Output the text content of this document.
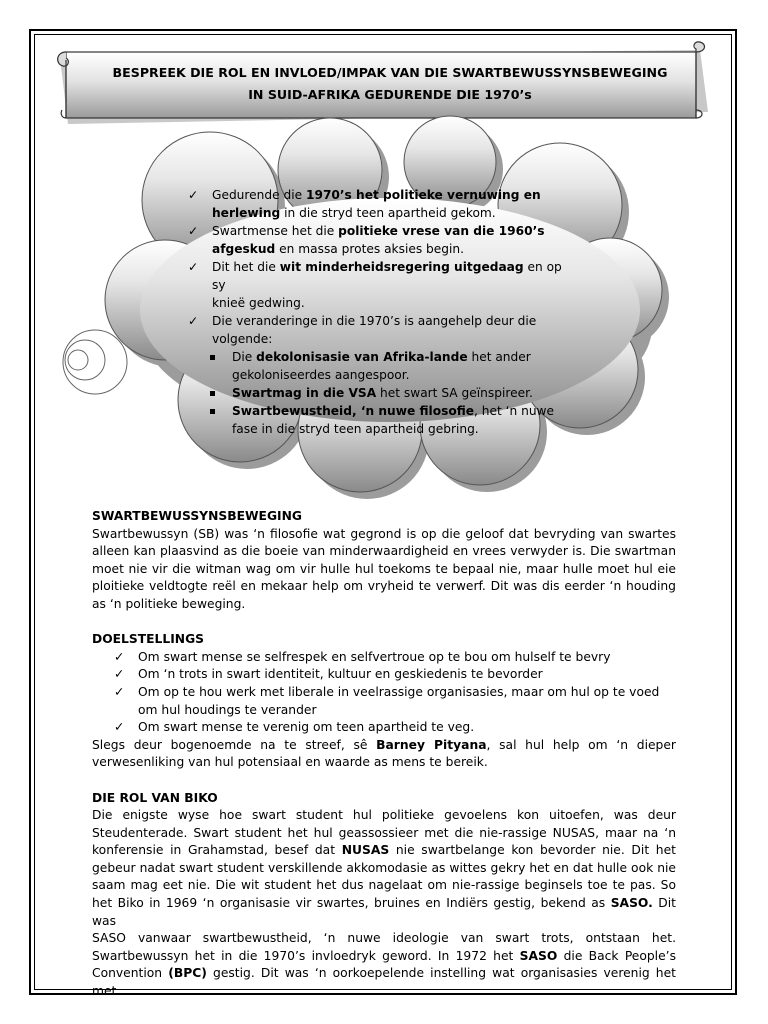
BESPREEK DIE ROL EN INVLOED/IMPAK VAN DIE SWARTBEWUSSYNSBEWEGING
IN SUID-AFRIKA GEDURENDE DIE 1970’s
✓ Gedurende die 1970’s het politieke vernuwing en
herlewing in die stryd teen apartheid gekom.
✓ Swartmense het die politieke vrese van die 1960’s
afgeskud en massa protes aksies begin.
✓ Dit het die wit minderheidsregering uitgedaag en op sy
knieë gedwing.
✓ Die veranderinge in die 1970’s is aangehelp deur die
volgende:
Die dekolonisasie van Afrika-lande het ander
gekoloniseerdes aangespoor.
Swartmag in die VSA het swart SA geïnspireer.
Swartbewustheid, ‘n nuwe filosofie, het ‘n nuwe
fase in die stryd teen apartheid gebring.
SWARTBEWUSSYNSBEWEGING
Swartbewussyn (SB) was ‘n filosofie wat gegrond is op die geloof dat bevryding van swartes
alleen kan plaasvind as die boeie van minderwaardigheid en vrees verwyder is. Die swartman
moet nie vir die witman wag om vir hulle hul toekoms te bepaal nie, maar hulle moet hul eie
ploitieke veldtogte reël en mekaar help om vryheid te verwerf. Dit was dis eerder ‘n houding
as ‘n politieke beweging.
DOELSTELLINGS
✓ Om swart mense se selfrespek en selfvertroue op te bou om hulself te bevry
✓ Om ‘n trots in swart identiteit, kultuur en geskiedenis te bevorder
✓ Om op te hou werk met liberale in veelrassige organisasies, maar om hul op te voed
om hul houdings te verander
✓ Om swart mense te verenig om teen apartheid te veg.
Slegs deur bogenoemde na te streef, sê Barney Pityana, sal hul help om ‘n dieper
verwesenliking van hul potensiaal en waarde as mens te bereik.
DIE ROL VAN BIKO
Die enigste wyse hoe swart student hul politieke gevoelens kon uitoefen, was deur
Steudenterade. Swart student het hul geassossieer met die nie-rassige NUSAS, maar na ‘n
konferensie in Grahamstad, besef dat NUSAS nie swartbelange kon bevorder nie. Dit het
gebeur nadat swart student verskillende akkomodasie as wittes gekry het en dat hulle ook nie
saam mag eet nie. Die wit student het dus nagelaat om nie-rassige beginsels toe te pas. So
het Biko in 1969 ‘n organisasie vir swartes, bruines en Indiërs gestig, bekend as SASO. Dit was
SASO vanwaar swartbewustheid, ‘n nuwe ideologie van swart trots, ontstaan het.
Swartbewussyn het in die 1970’s invloedryk geword. In 1972 het SASO die Back People’s
Convention (BPC) gestig. Dit was ‘n oorkoepelende instelling wat organisasies verenig het met
